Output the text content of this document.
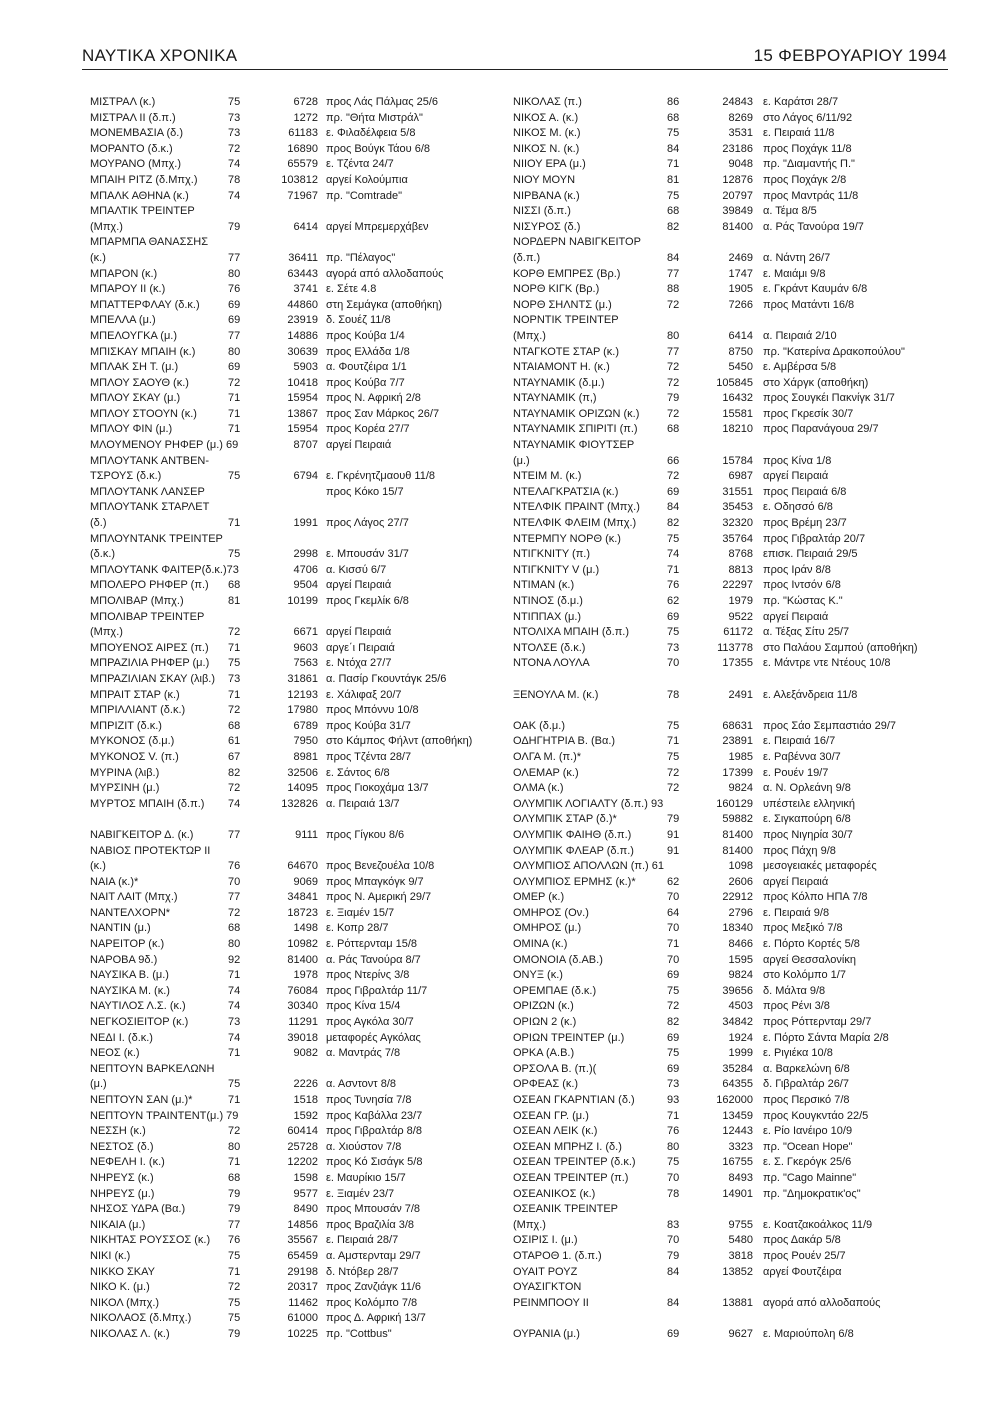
ΝΑΥΤΙΚΑ ΧΡΟΝΙΚΑ	15 ΦΕΒΡΟΥΑΡΙΟΥ 1994
ΜΙΣΤΡΑΛ (κ.)	75	6728 προς Λάς Πάλμας 25/6
ΜΙΣΤΡΑΛ ΙΙ (δ.π.)	73	1272 πρ. "Θήτα Μιστράλ"
ΜΟΝΕΜΒΑΣΙΑ (δ.)	73	61183 ε. Φιλαδέλφεια 5/8
ΜΟΡΑΝΤΟ (δ.κ.)	72	16890 προς Βούγκ Τάου 6/8
ΜΟΥΡΑΝΟ (Μπχ.)	74	65579 ε. Τζέντα 24/7
ΜΠΑΙΗ ΡΙΤΖ (δ.Μπχ.)	78	103812 αργεί Κολούμπια
ΜΠΑΛΚ ΑΘΗΝΑ (κ.)	74	71967 πρ. "Comtrade"
ΜΠΑΛΤΙΚ ΤΡΕΙΝΤΕΡ
(Μπχ.)	79	6414 αργεί Μπρεμερχάβεν
ΜΠΑΡΜΠΑ ΘΑΝΑΣΣΗΣ
(κ.)	77	36411 πρ. "Πέλαγος"
ΜΠΑΡΟΝ (κ.)	80	63443 αγορά από αλλοδαπούς
ΜΠΑΡΟΥ ΙΙ (κ.)	76	3741 ε. Σέτε 4.8
ΜΠΑΤΤΕΡΦΛΑΥ (δ.κ.)	69	44860 στη Σεμάγκα (αποθήκη)
ΜΠΕΛΛΑ (μ.)	69	23919 δ. Σουέζ 11/8
ΜΠΕΛΟΥΓΚΑ (μ.)	77	14886 προς Κούβα 1/4
ΜΠΙΣΚΑΥ ΜΠΑΙΗ (κ.)	80	30639 προς Ελλάδα 1/8
ΜΠΛΑΚ ΣΗ Τ. (μ.)	69	5903 α. Φουτζέιρα 1/1
ΜΠΛΟΥ ΣΑΟΥΘ (κ.)	72	10418 προς Κούβα 7/7
ΜΠΛΟΥ ΣΚΑΥ (μ.)	71	15954 προς Ν. Αφρική 2/8
ΜΠΛΟΥ ΣΤΟΟΥΝ (κ.)	71	13867 προς Σαν Μάρκος 26/7
ΜΠΛΟΥ ΦΙΝ (μ.)	71	15954 προς Κορέα 27/7
ΜΛΟΥΜΕΝΟΥ ΡΗΦΕΡ (μ.) 69	8707 αργεί Πειραιά
ΜΠΛΟΥΤΑΝΚ ΑΝΤΒΕΝ-
ΤΣΡΟΥΣ (δ.κ.)	75	6794 ε. Γκρένητζμαουθ 11/8
ΜΠΛΟΥΤΑΝΚ ΛΑΝΣΕΡ	προς Κόκο 15/7
ΜΠΛΟΥΤΑΝΚ ΣΤΑΡΛΕΤ
(δ.)	71	1991 προς Λάγος 27/7
ΜΠΛΟΥΝΤΑΝΚ ΤΡΕΙΝΤΕΡ
(δ.κ.)	75	2998 ε. Μπουσάν 31/7
ΜΠΛΟΥΤΑΝΚ ΦΑΙΤΕΡ(δ.κ.)73	4706 α. Κισσύ 6/7
ΜΠΟΛΕΡΟ ΡΗΦΕΡ (π.) 68	9504 αργεί Πειραιά
ΜΠΟΛΙΒΑΡ (Μπχ.)	81	10199 προς Γκεμλίκ 6/8
ΜΠΟΛΙΒΑΡ ΤΡΕΙΝΤΕΡ
(Μπχ.)	72	6671 αργεί Πειραιά
ΜΠΟΥΕΝΟΣ ΑΙΡΕΣ (π.) 71	9603 αργε΄ι Πειραιά
ΜΠΡΑΖΙΛΙΑ ΡΗΦΕΡ (μ.) 75	7563 ε. Ντόχα 27/7
ΜΠΡΑΖΙΛΙΑΝ ΣΚΑΥ (λιβ.) 73	31861 α. Πασίρ Γκουντάγκ 25/6
ΜΠΡΑΙΤ ΣΤΑΡ (κ.)	71	12193 ε. Χάλιφαξ 20/7
ΜΠΡΙΛΛΙΑΝΤ (δ.κ.)	72	17980 προς Μπόννυ 10/8
ΜΠΡΙΖΙΤ (δ.κ.)	68	6789 προς Κούβα 31/7
ΜΥΚΟΝΟΣ (δ.μ.)	61	7950 στο Κάμπος Φήλντ (αποθήκη)
ΜΥΚΟΝΟΣ V. (π.)	67	8981 προς Τζέντα 28/7
ΜΥΡΙΝΑ (λιβ.)	82	32506 ε. Σάντος 6/8
ΜΥΡΣΙΝΗ (μ.)	72	14095 προς Γιοκοχάμα 13/7
ΜΥΡΤΟΣ ΜΠΑΙΗ (δ.π.) 74	132826 α. Πειραιά 13/7
ΝΑΒΙΓΚΕΙΤΟΡ Δ. (κ.)	77	9111 προς Γίγκου 8/6
ΝΑΒΙΟΣ ΠΡΟΤΕΚΤΩΡ ΙΙ
(κ.)	76	64670 προς Βενεζουέλα 10/8
ΝΑΙΑ (κ.)*	70	9069 προς Μπαγκόγκ 9/7
ΝΑΙΤ ΛΑΙΤ (Μπχ.)	77	34841 προς Ν. Αμερική 29/7
ΝΑΝΤΕΛΧΟΡΝ*	72	18723 ε. Ξιαμέν 15/7
ΝΑΝΤΙΝ (μ.)	68	1498 ε. Κοπρ 28/7
ΝΑΡΕΙΤΟΡ (κ.)	80	10982 ε. Ρόττερνταμ 15/8
ΝΑΡΟΒΑ 9δ.)	92	81400 α. Ράς Τανούρα 8/7
ΝΑΥΣΙΚΑ Β. (μ.)	71	1978 προς Ντερίνς 3/8
ΝΑΥΣΙΚΑ Μ. (κ.)	74	76084 προς Γιβραλτάρ 11/7
ΝΑΥΤΙΛΟΣ Λ.Σ. (κ.)	74	30340 προς Κίνα 15/4
ΝΕΓΚΟΣΙΕΙΤΟΡ (κ.)	73	11291 προς Αγκόλα 30/7
ΝΕΔΙ Ι. (δ.κ.)	74	39018 μεταφορές Αγκόλας
ΝΕΟΣ (κ.)	71	9082 α. Μαντράς 7/8
ΝΕΠΤΟΥΝ ΒΑΡΚΕΛΩΝΗ
(μ.)	75	2226 α. Ασντοντ 8/8
ΝΕΠΤΟΥΝ ΣΑΝ (μ.)*	71	1518 προς Τυνησία 7/8
ΝΕΠΤΟΥΝ ΤΡΑΙΝΤΕΝΤ(μ.) 79	1592 προς Καβάλλα 23/7
ΝΕΣΣΗ (κ.)	72	60414 προς Γιβραλτάρ 8/8
ΝΕΣΤΟΣ (δ.)	80	25728 α. Χιούστον 7/8
ΝΕΦΕΛΗ Ι. (κ.)	71	12202 προς Κό Σισάγκ 5/8
ΝΗΡΕΥΣ (κ.)	68	1598 ε. Μαυρίκιο 15/7
ΝΗΡΕΥΣ (μ.)	79	9577 ε. Ξιαμέν 23/7
ΝΗΣΟΣ ΥΔΡΑ (Βα.)	79	8490 προς Μπουσάν 7/8
ΝΙΚΑΙΑ (μ.)	77	14856 προς Βραζιλία 3/8
ΝΙΚΗΤΑΣ ΡΟΥΣΣΟΣ (κ.) 76	35567 ε. Πειραιά 28/7
ΝΙΚΙ (κ.)	75	65459 α. Αμστερνταμ 29/7
ΝΙΚΚΟ ΣΚΑΥ	71	29198 δ. Ντόβερ 28/7
ΝΙΚΟ Κ. (μ.)	72	20317 προς Ζανζιάγκ 11/6
ΝΙΚΟΛ (Μπχ.)	75	11462 προς Κολόμπο 7/8
ΝΙΚΟΛΑΟΣ (δ.Μπχ.)	75	61000 προς Δ. Αφρική 13/7
ΝΙΚΟΛΑΣ Λ. (κ.)	79	10225 πρ. "Cottbus"
ΝΙΚΟΛΑΣ (π.)	86	24843 ε. Καράτσι 28/7
ΝΙΚΟΣ Α. (κ.)	68	8269 στο Λάγος 6/11/92
ΝΙΚΟΣ Μ. (κ.)	75	3531 ε. Πειραιά 11/8
ΝΙΚΟΣ Ν. (κ.)	84	23186 προς Ποχάγκ 11/8
ΝΙΙΟΥ ΕΡΑ (μ.)	71	9048 πρ. "Διαμαντής Π."
ΝΙΟΥ ΜΟΥΝ	81	12876 προς Ποχάγκ 2/8
ΝΙΡΒΑΝΑ (κ.)	75	20797 προς Μαντράς 11/8
ΝΙΣΣΙ (δ.π.)	68	39849 α. Τέμα 8/5
ΝΙΣΥΡΟΣ (δ.)	82	81400 α. Ράς Τανούρα 19/7
ΝΟΡΔΕΡΝ ΝΑΒΙΓΚΕΙΤΟΡ
(δ.π.)	84	2469 α. Νάντη 26/7
ΚΟΡΘ ΕΜΠΡΕΣ (Βρ.)	77	1747 ε. Μαιάμι 9/8
ΝΟΡΘ ΚΙΓΚ (Βρ.)	88	1905 ε. Γκράντ Καυμάν 6/8
ΝΟΡΘ ΣΗΛΝΤΣ (μ.)	72	7266 προς Ματάντι 16/8
ΝΟΡΝΤΙΚ ΤΡΕΙΝΤΕΡ
(Μπχ.)	80	6414 α. Πειραιά 2/10
ΝΤΑΓΚΟΤΕ ΣΤΑΡ (κ.)	77	8750 πρ. "Κατερίνα Δρακοπούλου"
ΝΤΑΙΑΜΟΝΤ Η. (κ.)	72	5450 ε. Αμβέρσα 5/8
ΝΤΑΥΝΑΜΙΚ (δ.μ.)	72	105845 στο Χάργκ (αποθήκη)
ΝΤΑΥΝΑΜΙΚ (π,)	79	16432 προς Σουγκέι Πακνίγκ 31/7
ΝΤΑΥΝΑΜΙΚ ΟΡΙΖΩΝ (κ.)	72	15581 προς Γκρεσίκ 30/7
ΝΤΑΥΝΑΜΙΚ ΣΠΙΡΙΤΙ (π.)	68	18210 προς Παρανάγουα 29/7
ΝΤΑΥΝΑΜΙΚ ΦΙΟΥΤΣΕΡ
(μ.)	66	15784 προς Κίνα 1/8
ΝΤΕΙΜ Μ. (κ.)	72	6987 αργεί Πειραιά
ΝΤΕΛΑΓΚΡΑΤΣΙΑ (κ.)	69	31551 προς Πειραιά 6/8
ΝΤΕΛΦΙΚ ΠΡΑΙΝΤ (Μπχ.) 84	35453 ε. Οδησσό 6/8
ΝΤΕΛΦΙΚ ΦΛΕΙΜ (Μπχ.)	82	32320 προς Βρέμη 23/7
ΝΤΕΡΜΠΥ ΝΟΡΘ (κ.)	75	35764 προς Γιβραλτάρ 20/7
ΝΤΙΓΚΝΙΤΥ (π.)	74	8768 επισκ. Πειραιά 29/5
ΝΤΙΓΚΝΙΤΥ V (μ.)	71	8813 προς Ιράν 8/8
ΝΤΙΜΑΝ (κ.)	76	22297 προς Ιντσόν 6/8
ΝΤΙΝΟΣ (δ.μ.)	62	1979 πρ. "Κώστας Κ."
ΝΤΙΠΠΑΧ (μ.)	69	9522 αργεί Πειραιά
ΝΤΟΛΙΧΑ ΜΠΑΙΗ (δ.π.)	75	61172 α. Τέξας Σίτυ 25/7
ΝΤΟΛΣΕ (δ.κ.)	73	113778 στο Παλάου Σαμπού (αποθήκη)
ΝΤΟΝΑ ΛΟΥΛΑ	70	17355 ε. Μάντρε ντε Ντέους 10/8
ΞΕΝΟΥΛΑ Μ. (κ.)	78	2491 ε. Αλεξάνδρεια 11/8
ΟΑΚ (δ.μ.)	75	68631 προς Σάο Σεμπαστιάο 29/7
ΟΔΗΓΗΤΡΙΑ Β. (Βα.)	71	23891 ε. Πειραιά 16/7
ΟΛΓΑ Μ. (π.)*	75	1985 ε. Ραβέννα 30/7
ΟΛΕΜΑΡ (κ.)	72	17399 ε. Ρουέν 19/7
ΟΛΜΑ (κ.)	72	9824 α. Ν. Ορλεάνη 9/8
ΟΛΥΜΠΙΚ ΛΟΓΙΑΛΤΥ (δ.π.) 93	160129 υπέστειλε ελληνική
ΟΛΥΜΠΙΚ ΣΤΑΡ (δ.)*	79	59882 ε. Σιγκαπούρη 6/8
ΟΛΥΜΠΙΚ ΦΑΙΗΘ (δ.π.)	91	81400 προς Νιγηρία 30/7
ΟΛΥΜΠΙΚ ΦΛΕΑΡ (δ.π.)	91	81400 προς Πάχη 9/8
ΟΛΥΜΠΙΟΣ ΑΠΟΛΛΩΝ (π.) 61	1098 μεσογειακές μεταφορές
ΟΛΥΜΠΙΟΣ ΕΡΜΗΣ (κ.)*	62	2606 αργεί Πειραιά
ΟΜΕΡ (κ.)	70	22912 προς Κόλπο ΗΠΑ 7/8
ΟΜΗΡΟΣ (Ον.)	64	2796 ε. Πειραιά 9/8
ΟΜΗΡΟΣ (μ.)	70	18340 προς Μεξικό 7/8
ΟΜΙΝΑ (κ.)	71	8466 ε. Πόρτο Κορτές 5/8
ΟΜΟΝΟΙΑ (δ.ΑΒ.)	70	1595 αργεί Θεσσαλονίκη
ΟΝΥΞ (κ.)	69	9824 στο Κολόμπο 1/7
ΟΡΕΜΠΑΕ (δ.κ.)	75	39656 δ. Μάλτα 9/8
ΟΡΙΖΩΝ (κ.)	72	4503 προς Ρένι 3/8
ΟΡΙΩΝ 2 (κ.)	82	34842 προς Ρόττερνταμ 29/7
ΟΡΙΩΝ ΤΡΕΙΝΤΕΡ (μ.)	69	1924 ε. Πόρτο Σάντα Μαρία 2/8
ΟΡΚΑ (Α.Β.)	75	1999 ε. Ριγιέκα 10/8
ΟΡΣΟΛΑ Β. (π.)(	69	35284 α. Βαρκελώνη 6/8
ΟΡΦΕΑΣ (κ.)	73	64355 δ. Γιβραλτάρ 26/7
ΟΣΕΑΝ ΓΚΑΡΝΤΙΑΝ (δ.)	93	162000 προς Περσικό 7/8
ΟΣΕΑΝ ΓΡ. (μ.)	71	13459 προς Κουγκντάο 22/5
ΟΣΕΑΝ ΛΕΙΚ (κ.)	76	12443 ε. Ρίο Ιανέιρο 10/9
ΟΣΕΑΝ ΜΠΡΗΖ Ι. (δ.)	80	3323 πρ. "Ocean Hope"
ΟΣΕΑΝ ΤΡΕΙΝΤΕΡ (δ.κ.)	75	16755 ε. Σ. Γκερόγκ 25/6
ΟΣΕΑΝ ΤΡΕΙΝΤΕΡ (π.)	70	8493 πρ. "Cago Mainne"
ΟΣΕΑΝΙΚΟΣ (κ.)	78	14901 πρ. "Δημοκρατικ'ος"
ΟΣΕΑΝΙΚ ΤΡΕΙΝΤΕΡ
(Μπχ.)	83	9755 ε. Κοατζακοάλκος 11/9
ΟΣΙΡΙΣ Ι. (μ.)	70	5480 προς Δακάρ 5/8
ΟΤΑΡΟΘ 1. (δ.π.)	79	3818 προς Ρουέν 25/7
ΟΥΑΙΤ ΡΟΥΖ	84	13852 αργεί Φουτζέιρα
ΟΥΑΣΙΓΚΤΟΝ
ΡΕΙΝΜΠΟΟΥ ΙΙ	84	13881 αγορά από αλλοδαπούς
ΟΥΡΑΝΙΑ (μ.)	69	9627 ε. Μαριούπολη 6/8
